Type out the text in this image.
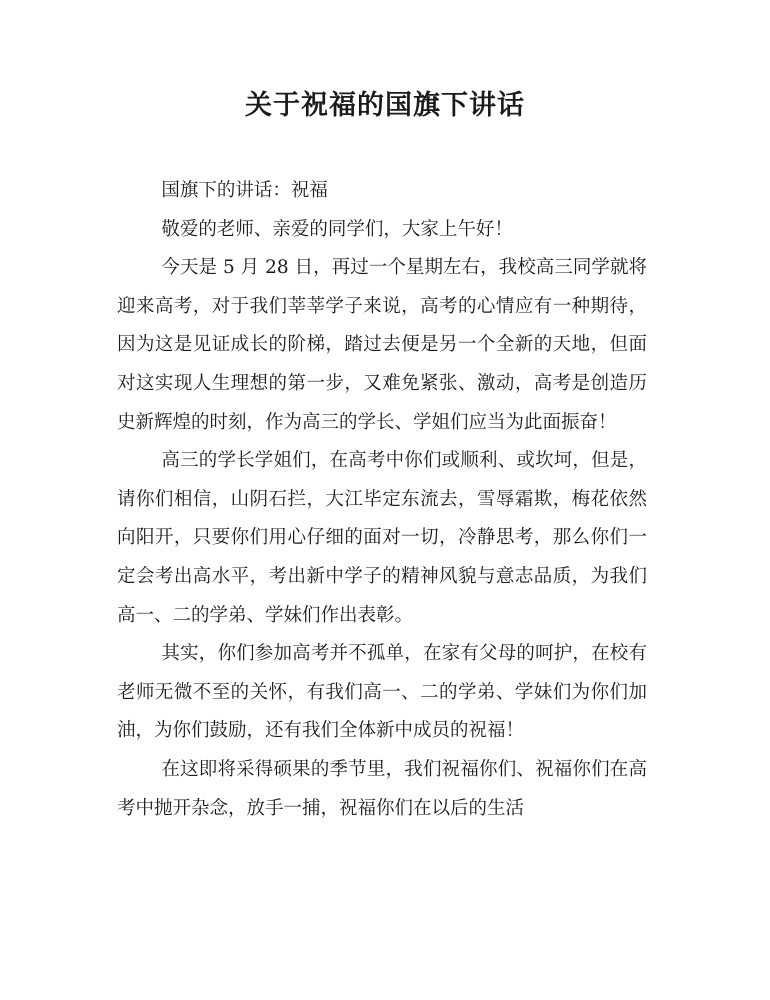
关于祝福的国旗下讲话

国旗下的讲话：祝福

敬爱的老师、亲爱的同学们，大家上午好！

今天是 5 月 28 日，再过一个星期左右，我校高三同学就将迎来高考，对于我们莘莘学子来说，高考的心情应有一种期待，因为这是见证成长的阶梯，踏过去便是另一个全新的天地，但面对这实现人生理想的第一步，又难免紧张、激动，高考是创造历史新辉煌的时刻，作为高三的学长、学姐们应当为此面振奋！

高三的学长学姐们，在高考中你们或顺利、或坎坷，但是，请你们相信，山阴石拦，大江毕定东流去，雪辱霜欺，梅花依然向阳开，只要你们用心仔细的面对一切，冷静思考，那么你们一定会考出高水平，考出新中学子的精神风貌与意志品质，为我们高一、二的学弟、学妹们作出表彰。

其实，你们参加高考并不孤单，在家有父母的呵护，在校有老师无微不至的关怀，有我们高一、二的学弟、学妹们为你们加油，为你们鼓励，还有我们全体新中成员的祝福！

在这即将采得硕果的季节里，我们祝福你们、祝福你们在高考中抛开杂念，放手一捕，祝福你们在以后的生活
